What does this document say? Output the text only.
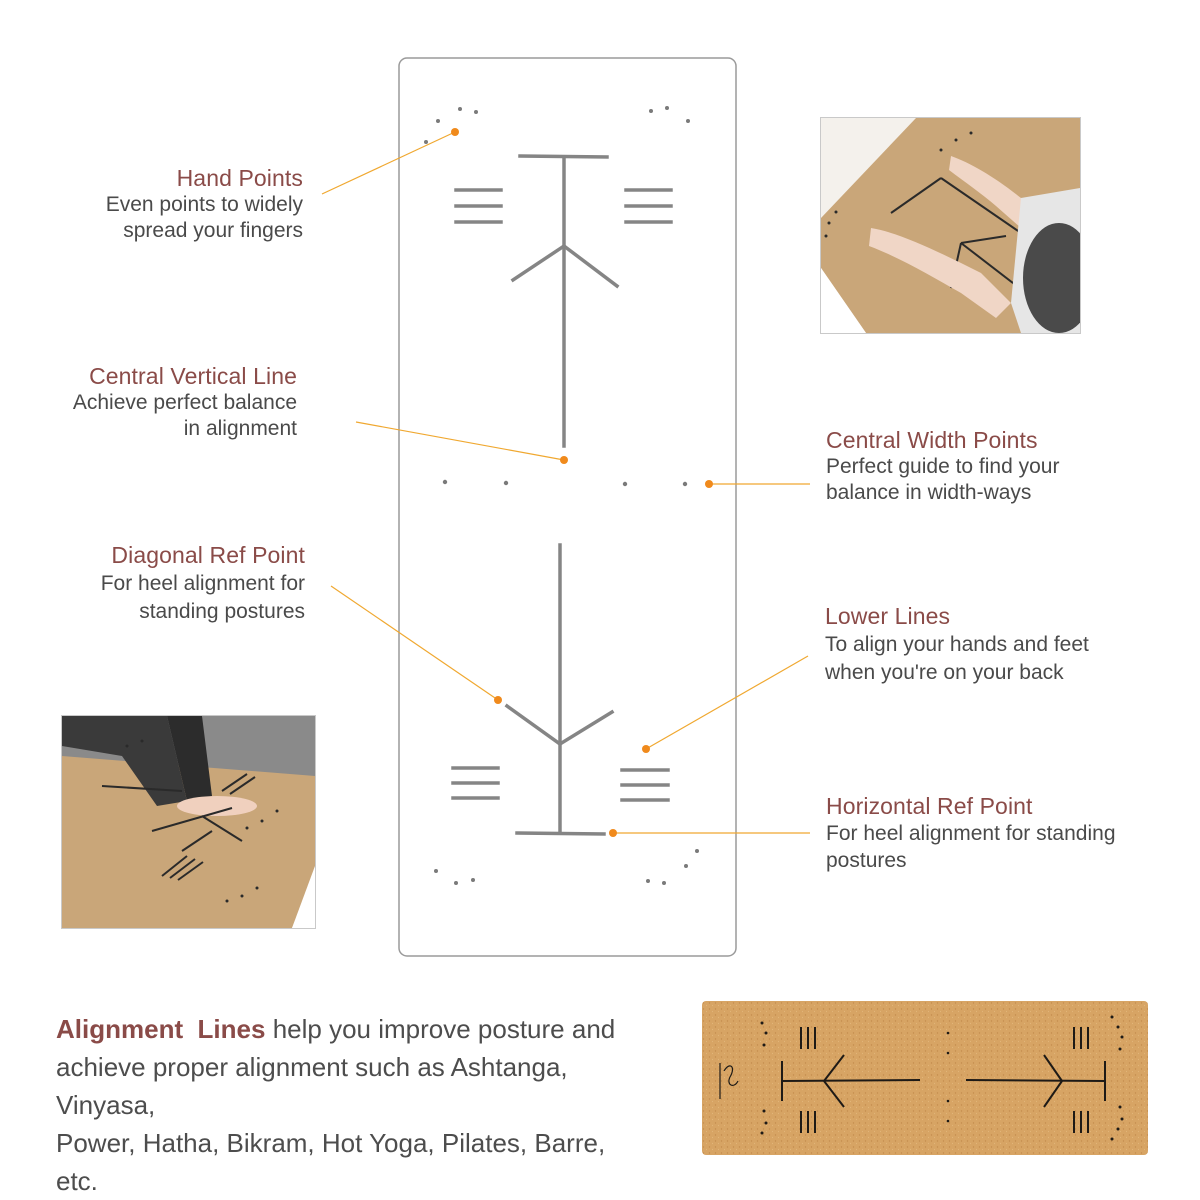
Hand Points
Even points to widely
spread your fingers
Central Vertical Line
Achieve perfect balance
in alignment
Diagonal Ref Point
For heel alignment for
standing postures
Central Width Points
Perfect guide to find your
balance in width-ways
Lower Lines
To align your hands and feet
when you're on your back
Horizontal Ref Point
For heel alignment for standing
postures
Alignment  Lines help you improve posture and
achieve proper alignment such as Ashtanga, Vinyasa,
Power, Hatha, Bikram, Hot Yoga, Pilates, Barre, etc.
